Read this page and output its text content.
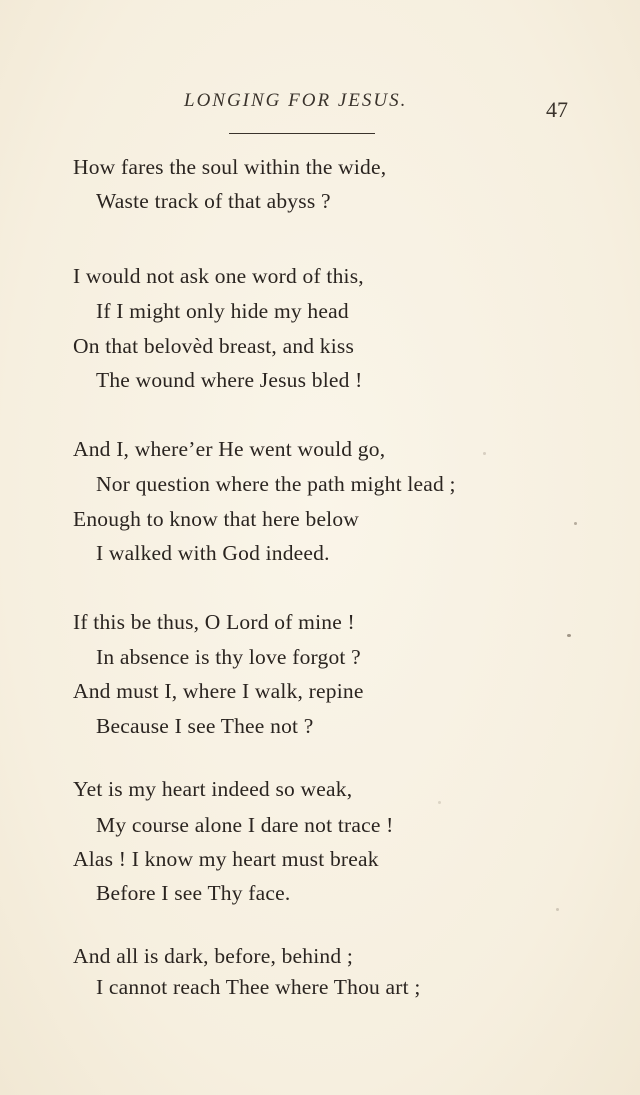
LONGING FOR JESUS.	47
How fares the soul within the wide,
Waste track of that abyss ?
I would not ask one word of this,
If I might only hide my head
On that belovèd breast, and kiss
The wound where Jesus bled !
And I, where’er He went would go,
Nor question where the path might lead ;
Enough to know that here below
I walked with God indeed.
If this be thus, O Lord of mine !
In absence is thy love forgot ?
And must I, where I walk, repine
Because I see Thee not ?
Yet is my heart indeed so weak,
My course alone I dare not trace !
Alas ! I know my heart must break
Before I see Thy face.
And all is dark, before, behind ;
I cannot reach Thee where Thou art ;
